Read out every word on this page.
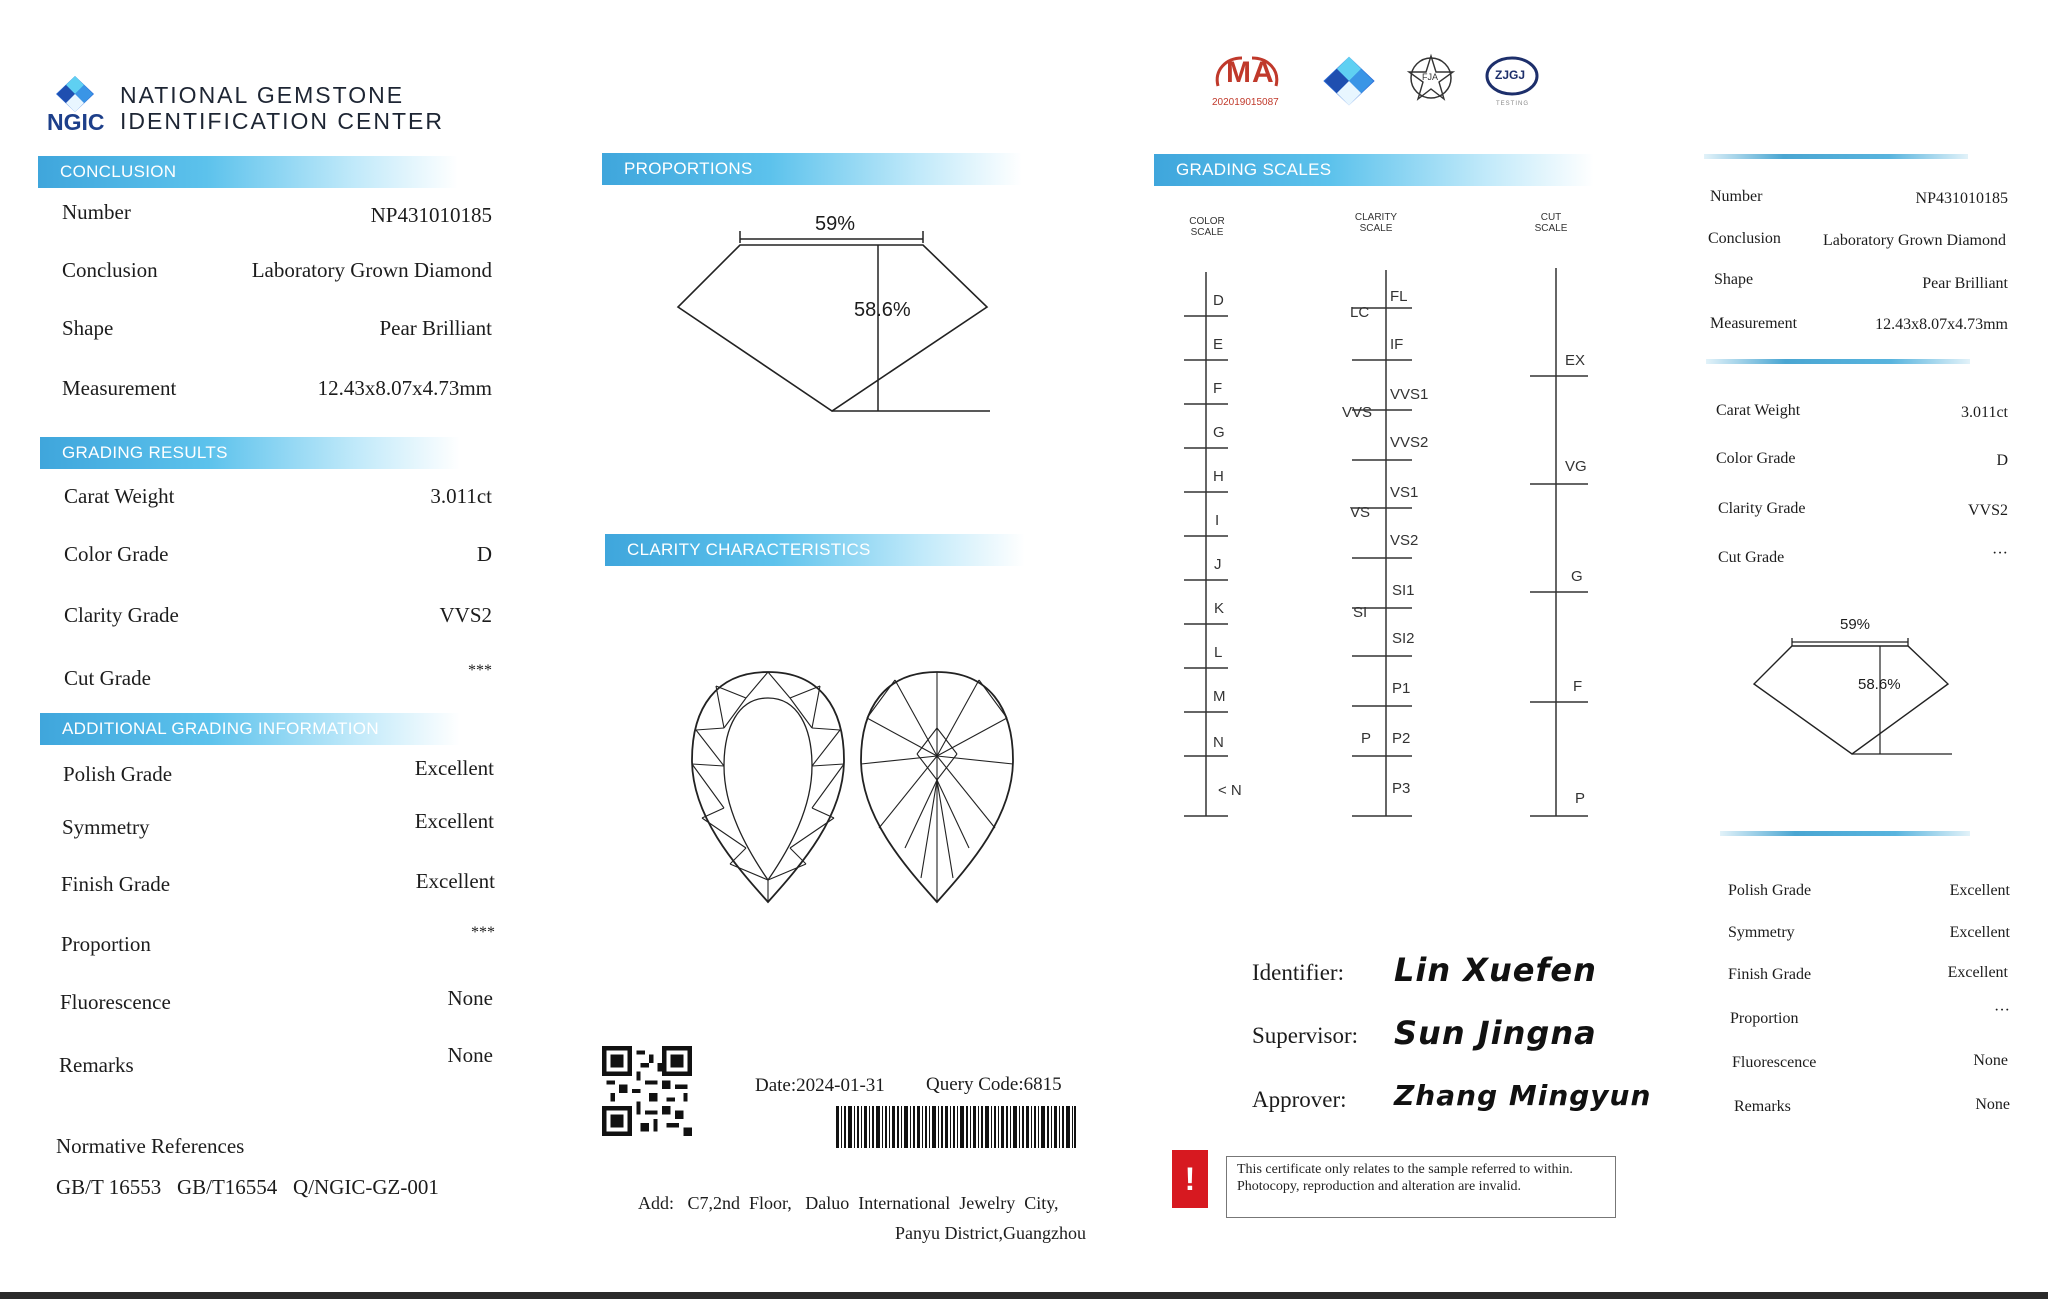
NGIC
NATIONAL GEMSTONE
IDENTIFICATION CENTER
CONCLUSION
Number	NP431010185
Conclusion	Laboratory Grown Diamond
Shape	Pear Brilliant
Measurement	12.43x8.07x4.73mm
GRADING RESULTS
Carat Weight	3.011ct
Color Grade	D
Clarity Grade	VVS2
Cut Grade	***
ADDITIONAL GRADING INFORMATION
Polish Grade	Excellent
Symmetry	Excellent
Finish Grade	Excellent
Proportion	***
Fluorescence	None
Remarks	None
Normative References
GB/T 16553   GB/T16554   Q/NGIC-GZ-001
PROPORTIONS
59%
58.6%
CLARITY CHARACTERISTICS
Date:2024-01-31 Query Code:6815
Add:   C7,2nd  Floor,   Daluo  International  Jewelry  City,
Panyu District,Guangzhou
MA
202019015087
FJA	ZJGJ
TESTING
GRADING SCALES
COLOR
SCALE
CLARITY
SCALE
CUT
SCALE
D
E
F
G
H
I
J
K
L
M
N
< N
FL
IF
VVS1
VVS2
VS1
VS2
SI1
SI2
P1
P2
P3
LC
VVS
VS
SI
P
EX
VG
G
F
P
Identifier: Lin Xuefen
Supervisor: Sun Jingna
Approver: Zhang Mingyun
!	This certificate only relates to the sample referred to within. Photocopy, reproduction and alteration are invalid.
Number	NP431010185
Conclusion	Laboratory Grown Diamond
Shape	Pear Brilliant
Measurement	12.43x8.07x4.73mm
Carat Weight	3.011ct
Color Grade	D
Clarity Grade	VVS2
Cut Grade	···
59%
58.6%
Polish Grade	Excellent
Symmetry	Excellent
Finish Grade	Excellent
Proportion	···
Fluorescence	None
Remarks	None
